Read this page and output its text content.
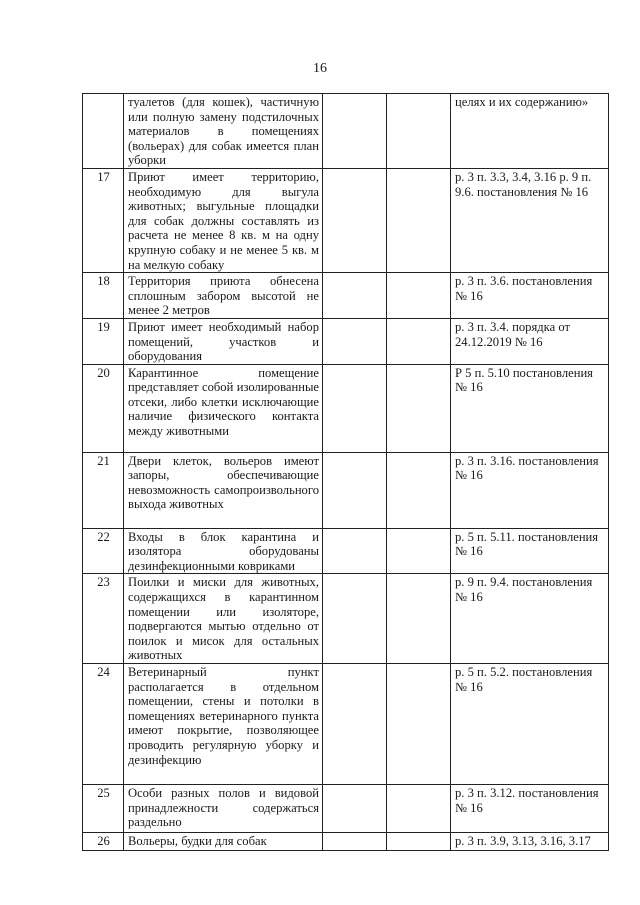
16
	туалетов (для кошек), частичную или полную замену подстилочных материалов в помещениях (вольерах) для собак имеется план уборки			целях и их содержанию»
17	Приют имеет территорию, необходимую для выгула животных; выгульные площадки для собак должны составлять из расчета не менее 8 кв. м на одну крупную собаку и не менее 5 кв. м на мелкую собаку			р. 3 п. 3.3, 3.4, 3.16 р. 9 п. 9.6. постановления № 16
18	Территория приюта обнесена сплошным забором высотой не менее 2 метров			р. 3 п. 3.6. постановления № 16
19	Приют имеет необходимый набор помещений, участков и оборудования			р. 3 п. 3.4. порядка от 24.12.2019 № 16
20	Карантинное помещение представляет собой изолированные отсеки, либо клетки исключающие наличие физического контакта между животными			Р 5 п. 5.10 постановления № 16
21	Двери клеток, вольеров имеют запоры, обеспечивающие невозможность самопроизвольного выхода животных			р. 3 п. 3.16. постановления № 16
22	Входы в блок карантина и изолятора оборудованы дезинфекционными ковриками			р. 5 п. 5.11. постановления № 16
23	Поилки и миски для животных, содержащихся в карантинном помещении или изоляторе, подвергаются мытью отдельно от поилок и мисок для остальных животных			р. 9 п. 9.4. постановления № 16
24	Ветеринарный пункт располагается в отдельном помещении, стены и потолки в помещениях ветеринарного пункта имеют покрытие, позволяющее проводить регулярную уборку и дезинфекцию			р. 5 п. 5.2. постановления № 16
25	Особи разных полов и видовой принадлежности содержаться раздельно			р. 3 п. 3.12. постановления № 16
26	Вольеры, будки для собак			р. 3 п. 3.9, 3.13, 3.16, 3.17
